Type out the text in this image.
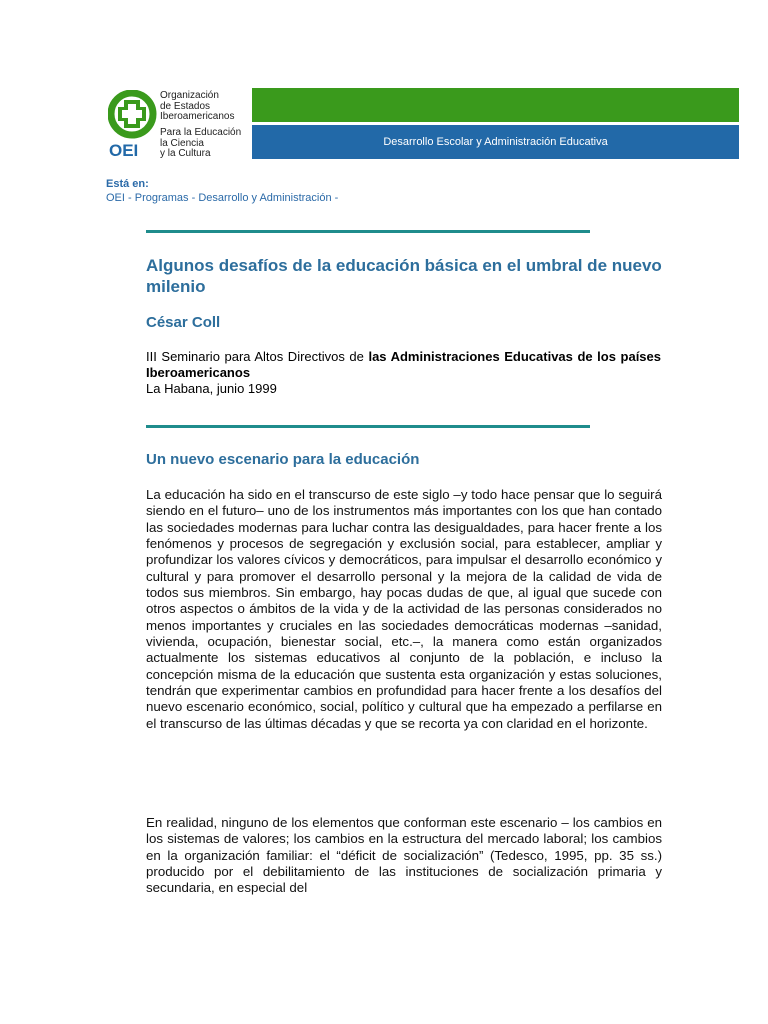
OEI
Organización
de Estados
Iberoamericanos
Para la Educación
la Ciencia
y la Cultura
Desarrollo Escolar y Administración Educativa
Está en:
OEI - Programas - Desarrollo y Administración -
Algunos desafíos de la educación básica en el umbral de nuevo milenio
César Coll
III Seminario para Altos Directivos de las Administraciones Educativas de los países Iberoamericanos
La Habana, junio 1999
Un nuevo escenario para la educación
La educación ha sido en el transcurso de este siglo –y todo hace pensar que lo seguirá siendo en el futuro– uno de los instrumentos más importantes con los que han contado las sociedades modernas para luchar contra las desigualdades, para hacer frente a los fenómenos y procesos de segregación y exclusión social, para establecer, ampliar y profundizar los valores cívicos y democráticos, para impulsar el desarrollo económico y cultural y para promover el desarrollo personal y la mejora de la calidad de vida de todos sus miembros. Sin embargo, hay pocas dudas de que, al igual que sucede con otros aspectos o ámbitos de la vida y de la actividad de las personas considerados no menos importantes y cruciales en las sociedades democráticas modernas –sanidad, vivienda, ocupación, bienestar social, etc.–, la manera como están organizados actualmente los sistemas educativos al conjunto de la población, e incluso la concepción misma de la educación que sustenta esta organización y estas soluciones, tendrán que experimentar cambios en profundidad para hacer frente a los desafíos del nuevo escenario económico, social, político y cultural que ha empezado a perfilarse en el transcurso de las últimas décadas y que se recorta ya con claridad en el horizonte.
En realidad, ninguno de los elementos que conforman este escenario – los cambios en los sistemas de valores; los cambios en la estructura del mercado laboral; los cambios en la organización familiar: el “déficit de socialización” (Tedesco, 1995, pp. 35 ss.) producido por el debilitamiento de las instituciones de socialización primaria y secundaria, en especial del
